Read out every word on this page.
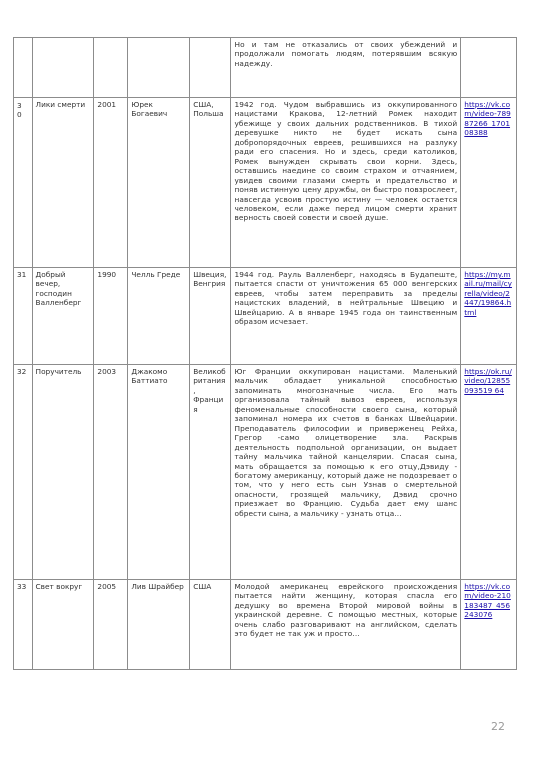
					Но и там не отказались от своих убеждений и продолжали помогать людям, потерявшим всякую надежду.	

30	Лики смерти	2001	Юрек Богаевич	США, Польша	1942 год. Чудом выбравшись из оккупированного нацистами Кракова, 12-летний Ромек находит убежище у своих дальних родственников. В тихой деревушке никто не будет искать сына добропорядочных евреев, решившихся на разлуку ради его спасения. Но и здесь, среди католиков, Ромек вынужден скрывать свои корни. Здесь, оставшись наедине со своим страхом и отчаянием, увидев своими глазами смерть и предательство и поняв истинную цену дружбы, он быстро повзрослеет, навсегда усвоив простую истину — человек остается человеком, если даже перед лицом смерти хранит верность своей совести и своей душе.	https://vk.com/video-78987266_170108388

31	Добрый вечер, господин Валленберг	1990	Челль Греде	Швеция, Венгрия	1944 год. Рауль Валленберг, находясь в Будапеште, пытается спасти от уничтожения 65 000 венгерских евреев, чтобы затем переправить за пределы нацистских владений, в нейтральные Швецию и Швейцарию. А в январе 1945 года он таинственным образом исчезает.	https://my.mail.ru/mail/cyrella/video/2447/19864.html

32	Поручитель	2003	Джакомо Баттиато	Великобритания, Франция	Юг Франции оккупирован нацистами. Маленький мальчик обладает уникальной способностью запоминать многозначные числа. Его мать организовала тайный вывоз евреев, используя феноменальные способности своего сына, который запоминал номера их счетов в банках Швейцарии. Преподаватель философии и приверженец Рейха, Грегор -само олицетворение зла. Раскрыв деятельность подпольной организации, он выдает тайну мальчика тайной канцелярии. Спасая сына, мать обращается за помощью к его отцу,Дэвиду - богатому американцу, который даже не подозревает о том, что у него есть сын Узнав о смертельной опасности, грозящей мальчику, Дэвид срочно приезжает во Францию. Судьба дает ему шанс обрести сына, а мальчику - узнать отца...	https://ok.ru/video/12855093519 64

33	Свет вокруг	2005	Лив Шрайбер	США	Молодой американец еврейского происхождения пытается найти женщину, которая спасла его дедушку во времена Второй мировой войны в украинской деревне. С помощью местных, которые очень слабо разговаривают на английском, сделать это будет не так уж и просто...	https://vk.com/video-210183487_456243076
22
